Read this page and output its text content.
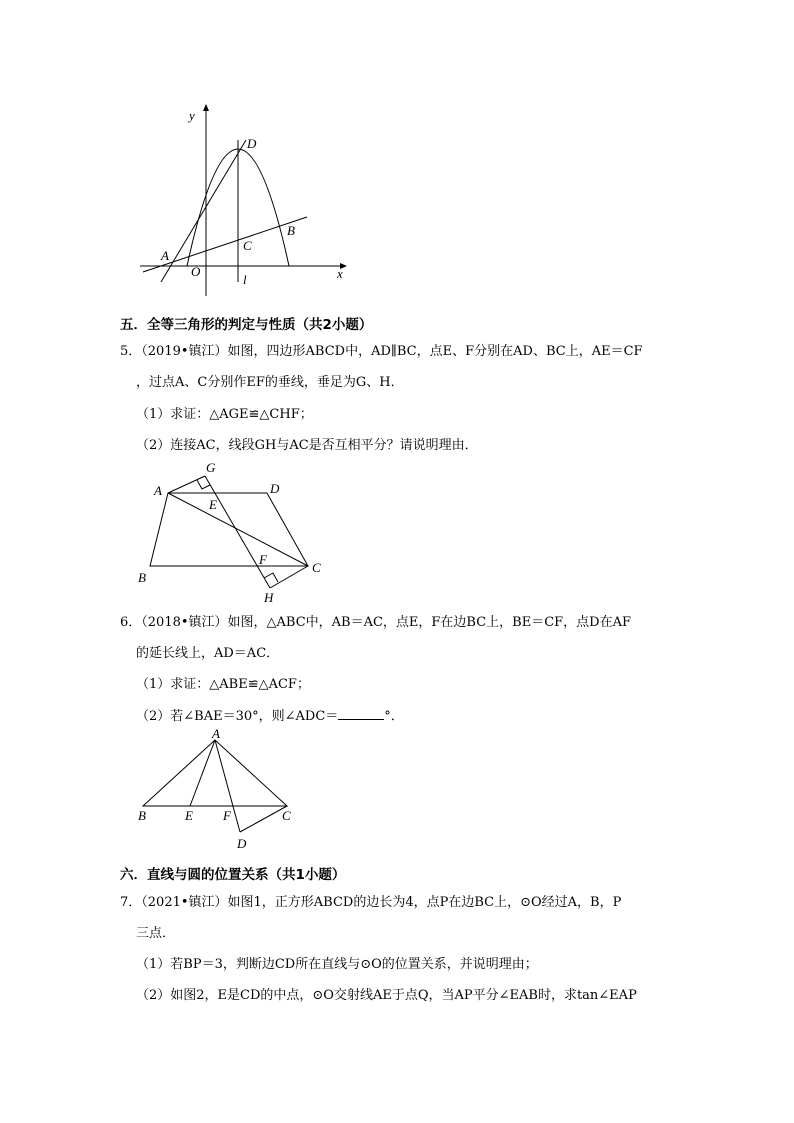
y
x
D
A
B
C
O
l
五．全等三角形的判定与性质（共2小题）
5．（2019•镇江）如图，四边形ABCD中，AD∥BC，点E、F分别在AD、BC上，AE＝CF
，过点A、C分别作EF的垂线，垂足为G、H．
（1）求证：△AGE≌△CHF；
（2）连接AC，线段GH与AC是否互相平分？请说明理由．
A
G
D
E
F
B
C
H
6．（2018•镇江）如图，△ABC中，AB＝AC，点E，F在边BC上，BE＝CF，点D在AF
的延长线上，AD＝AC．
（1）求证：△ABE≌△ACF；
（2）若∠BAE＝30°，则∠ADC＝	°．
A
B	E F	C
D
六．直线与圆的位置关系（共1小题）
7．（2021•镇江）如图1，正方形ABCD的边长为4，点P在边BC上，⊙O经过A，B，P
三点．
（1）若BP＝3，判断边CD所在直线与⊙O的位置关系，并说明理由；
（2）如图2，E是CD的中点，⊙O交射线AE于点Q，当AP平分∠EAB时，求tan∠EAP
